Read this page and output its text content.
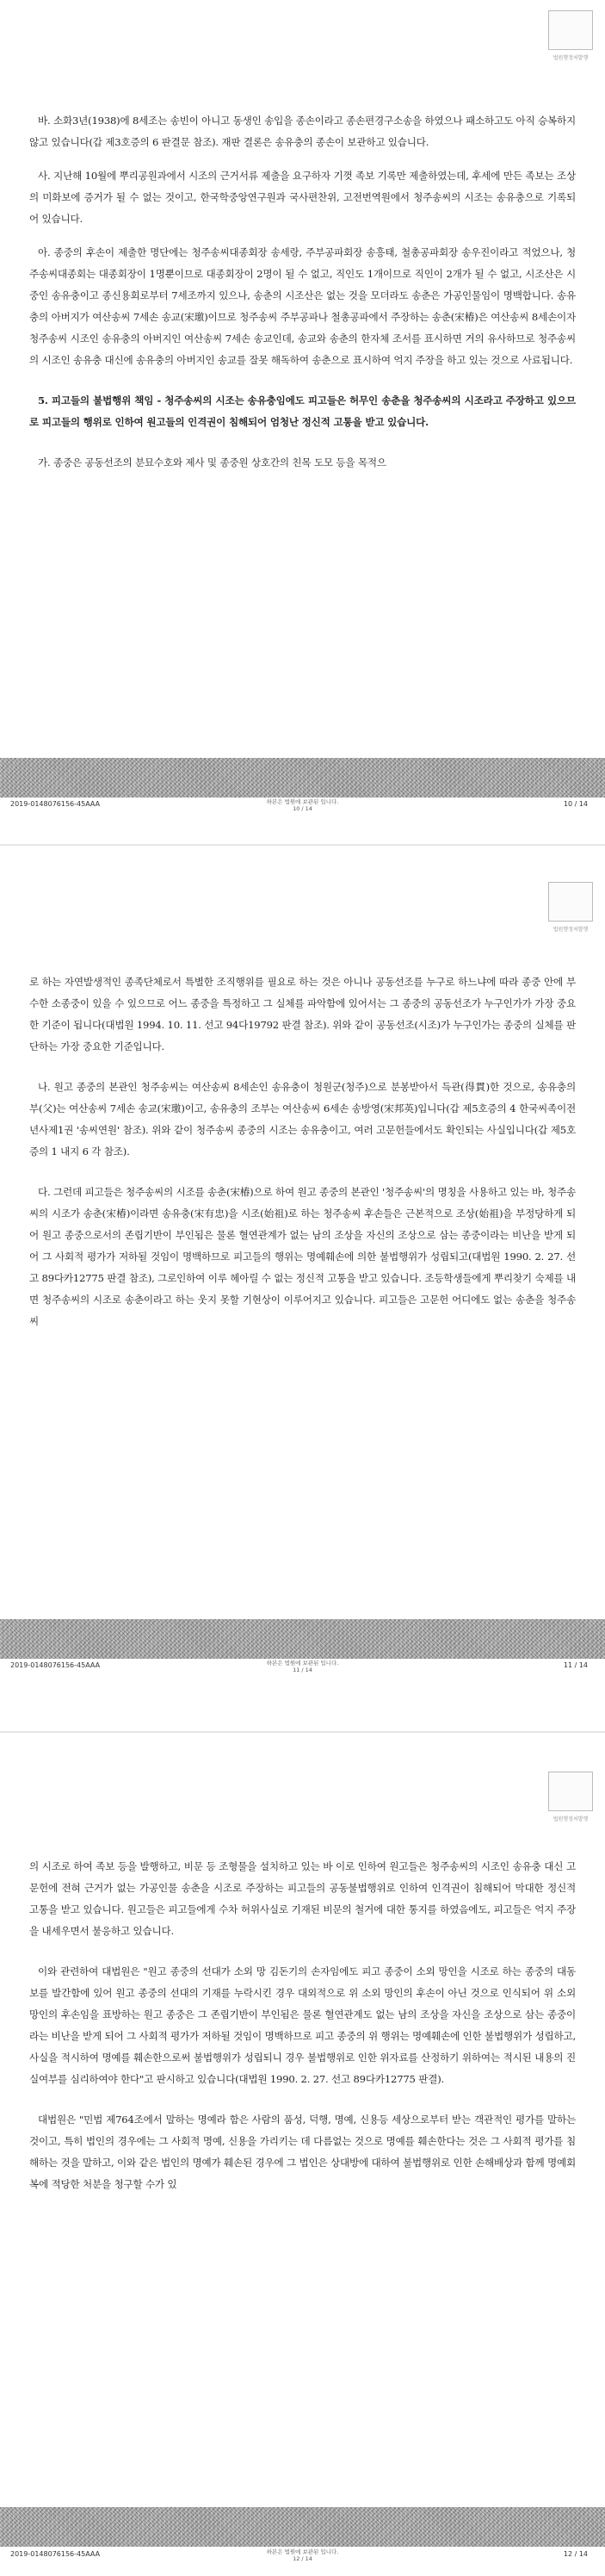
법원행정처발행

바. 소화3년(1938)에 8세조는 송빈이 아니고 동생인 송입을 종손이라고 종손편경구소송을 하였으나 패소하고도 아직 승복하지 않고 있습니다(갑 제3호증의 6 판결문 참조). 재판 결론은 송유충의 종손이 보관하고 있습니다.

사. 지난해 10월에 뿌리공원과에서 시조의 근거서류 제출을 요구하자 기껏 족보 기록만 제출하였는데, 후세에 만든 족보는 조상의 미화보에 증거가 될 수 없는 것이고, 한국학중앙연구원과 국사편찬위, 고전번역원에서 청주송씨의 시조는 송유충으로 기록되어 있습니다.

아. 종중의 후손이 제출한 명단에는 청주송씨대종회장 송세랑, 주부공파회장 송흥태, 철총공파회장 송우진이라고 적었으나, 청주송씨대종회는 대종회장이 1명뿐이므로 대종회장이 2명이 될 수 없고, 직인도 1개이므로 직인이 2개가 될 수 없고, 시조산은 시중인 송유충이고 종신용회로부터 7세조까지 있으나, 송춘의 시조산은 없는 것을 모더라도 송춘은 가공인물임이 명백합니다. 송유충의 아버지가 여산송씨 7세손 송교(宋璬)이므로 청주송씨 주부공파나 철총공파에서 주장하는 송춘(宋椿)은 여산송씨 8세손이자 청주송씨 시조인 송유충의 아버지인 여산송씨 7세손 송교인데, 송교와 송춘의 한자체 조서를 표시하면 거의 유사하므로 청주송씨의 시조인 송유충 대신에 송유충의 아버지인 송교를 잘못 해독하여 송춘으로 표시하여 억지 주장을 하고 있는 것으로 사료됩니다.

5. 피고들의 불법행위 책임 - 청주송씨의 시조는 송유충임에도 피고들은 허무인 송춘을 청주송씨의 시조라고 주장하고 있으므로 피고들의 행위로 인하여 원고들의 인격권이 침해되어 엄청난 정신적 고통을 받고 있습니다.

가. 종중은 공동선조의 분묘수호와 제사 및 종중원 상호간의 친목 도모 등을 목적으

2019-0148076156-45AAA	하본은 법원에 보관된 입니다.
10 / 14
10 / 14
법원행정처발행

로 하는 자연발생적인 종족단체로서 특별한 조직행위를 필요로 하는 것은 아니나 공동선조를 누구로 하느냐에 따라 종중 안에 부수한 소종중이 있을 수 있으므로 어느 종중을 특정하고 그 실체를 파악함에 있어서는 그 종중의 공동선조가 누구인가가 가장 중요한 기준이 됩니다(대법원 1994. 10. 11. 선고 94다19792 판결 참조). 위와 같이 공동선조(시조)가 누구인가는 종중의 실체를 판단하는 가장 중요한 기준입니다.

나. 원고 종중의 본관인 청주송씨는 여산송씨 8세손인 송유충이 청원군(청주)으로 분봉받아서 득관(得貫)한 것으로, 송유충의 부(父)는 여산송씨 7세손 송교(宋璬)이고, 송유충의 조부는 여산송씨 6세손 송방영(宋邦英)입니다(갑 제5호증의 4 한국씨족이전년사제1권 '송씨연원' 참조). 위와 같이 청주송씨 종중의 시조는 송유충이고, 여러 고문헌들에서도 확인되는 사실입니다(갑 제5호증의 1 내지 6 각 참조).

다. 그런데 피고들은 청주송씨의 시조를 송춘(宋椿)으로 하여 원고 종중의 본관인 '청주송씨'의 명칭을 사용하고 있는 바, 청주송씨의 시조가 송춘(宋椿)이라면 송유충(宋有忠)을 시조(始祖)로 하는 청주송씨 후손들은 근본적으로 조상(始祖)을 부정당하게 되어 원고 종중으로서의 존립기반이 부인됨은 물론 혈연관계가 없는 남의 조상을 자신의 조상으로 삼는 종중이라는 비난을 받게 되어 그 사회적 평가가 저하될 것임이 명백하므로 피고들의 행위는 명예훼손에 의한 불법행위가 성립되고(대법원 1990. 2. 27. 선고 89다카12775 판결 참조), 그로인하여 이루 헤아릴 수 없는 정신적 고통을 받고 있습니다. 조등학생들에게 뿌리찾기 숙제를 내면 청주송씨의 시조로 송춘이라고 하는 웃지 못할 기현상이 이루어지고 있습니다. 피고들은 고문헌 어디에도 없는 송춘을 청주송씨

2019-0148076156-45AAA	하본은 법원에 보관된 입니다.
11 / 14
11 / 14
법원행정처발행

의 시조로 하여 족보 등을 발행하고, 비문 등 조형물을 설치하고 있는 바 이로 인하여 원고들은 청주송씨의 시조인 송유충 대신 고문헌에 전혀 근거가 없는 가공인물 송춘을 시조로 주장하는 피고들의 공동불법행위로 인하여 인격권이 침해되어 막대한 정신적 고통을 받고 있습니다. 원고들은 피고들에게 수차 허위사실로 기재된 비문의 철거에 대한 통지를 하였음에도, 피고들은 억지 주장을 내세우면서 불응하고 있습니다.

이와 관련하여 대법원은 "원고 종중의 선대가 소외 망 김돈기의 손자임에도 피고 종중이 소외 망인을 시조로 하는 종중의 대동보를 발간함에 있어 원고 종중의 선대의 기재를 누락시킨 경우 대외적으로 위 소외 망인의 후손이 아닌 것으로 인식되어 위 소외 망인의 후손임을 표방하는 원고 종중은 그 존립기반이 부인됨은 물론 혈연관계도 없는 남의 조상을 자신을 조상으로 삼는 종중이라는 비난을 받게 되어 그 사회적 평가가 저하될 것임이 명백하므로 피고 종중의 위 행위는 명예훼손에 인한 불법행위가 성립하고, 사실을 적시하여 명예를 훼손한으로써 불법행위가 성립되니 경우 불법행위로 인한 위자료를 산정하기 위하여는 적시된 내용의 진실여부를 심리하여야 한다"고 판시하고 있습니다(대법원 1990. 2. 27. 선고 89다카12775 판결).

대법원은 "민법 제764조에서 말하는 명예라 함은 사람의 품성, 덕행, 명예, 신용등 세상으로부터 받는 객관적인 평가를 말하는 것이고, 특히 법인의 경우에는 그 사회적 명예, 신용을 가리키는 데 다름없는 것으로 명예를 훼손한다는 것은 그 사회적 평가를 침해하는 것을 말하고, 이와 같은 법인의 명예가 훼손된 경우에 그 법인은 상대방에 대하여 불법행위로 인한 손해배상과 함께 명예회복에 적당한 처분을 청구할 수가 있

2019-0148076156-45AAA	하본은 법원에 보관된 입니다.
12 / 14
12 / 14
